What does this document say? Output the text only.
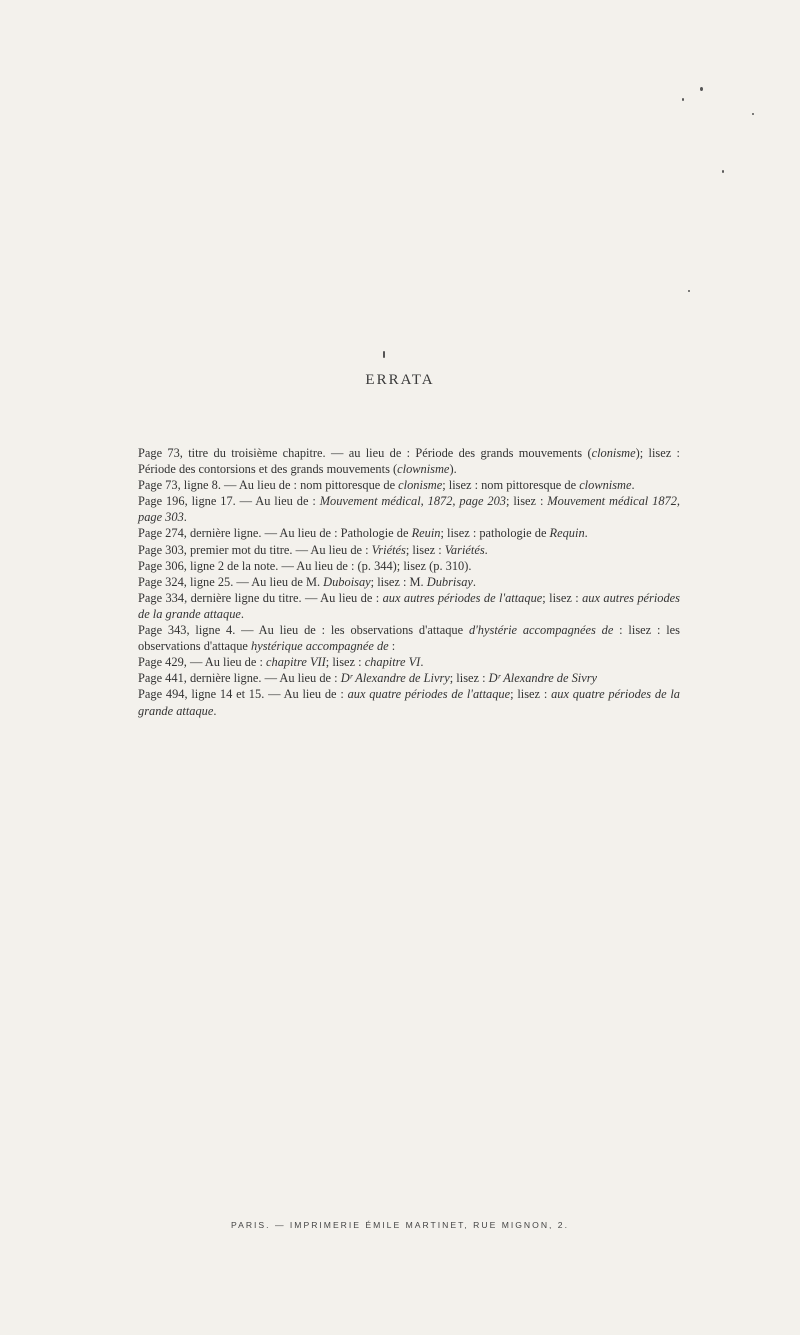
ERRATA

Page 73, titre du troisième chapitre. — au lieu de : Période des grands mouvements (clonisme); lisez : Période des contorsions et des grands mouvements (clownisme).

Page 73, ligne 8. — Au lieu de : nom pittoresque de clonisme; lisez : nom pittoresque de clownisme.

Page 196, ligne 17. — Au lieu de : Mouvement médical, 1872, page 203; lisez : Mouvement médical 1872, page 303.

Page 274, dernière ligne. — Au lieu de : Pathologie de Reuin; lisez : pathologie de Requin.

Page 303, premier mot du titre. — Au lieu de : Vriétés; lisez : Variétés.

Page 306, ligne 2 de la note. — Au lieu de : (p. 344); lisez (p. 310).

Page 324, ligne 25. — Au lieu de M. Duboisay; lisez : M. Dubrisay.

Page 334, dernière ligne du titre. — Au lieu de : aux autres périodes de l'attaque; lisez : aux autres périodes de la grande attaque.

Page 343, ligne 4. — Au lieu de : les observations d'attaque d'hystérie accompagnées de : lisez : les observations d'attaque hystérique accompagnée de :

Page 429, — Au lieu de : chapitre VII; lisez : chapitre VI.

Page 441, dernière ligne. — Au lieu de : Dʳ Alexandre de Livry; lisez : Dʳ Alexandre de Sivry

Page 494, ligne 14 et 15. — Au lieu de : aux quatre périodes de l'attaque; lisez : aux quatre périodes de la grande attaque.

PARIS. — IMPRIMERIE ÉMILE MARTINET, RUE MIGNON, 2.
